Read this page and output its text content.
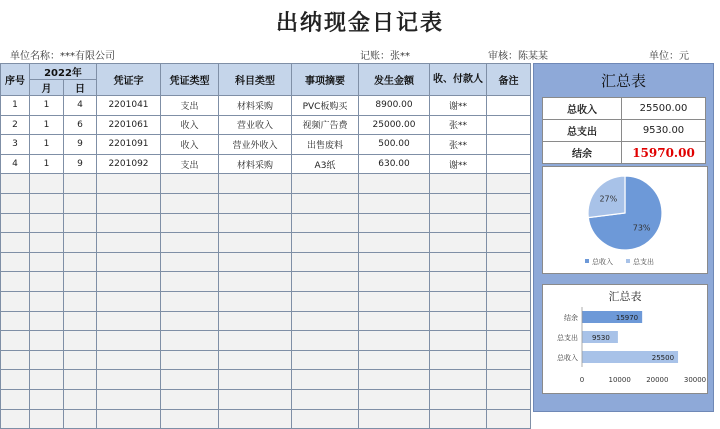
出纳现金日记表
单位名称：***有限公司	记账：张**	审核：陈某某	单位：元
序号	2022年		凭证字	凭证类型	科目类型	事项摘要	发生金额	收、付款人	备注
	月	日							
1	1	4	2201041	支出	材料采购	PVC板购买	8900.00	谢**	
2	1	6	2201061	收入	营业收入	视频广告费	25000.00	张**	
3	1	9	2201091	收入	营业外收入	出售废料	500.00	张**	
4	1	9	2201092	支出	材料采购	A3纸	630.00	谢**	

汇总表
总收入	25500.00
总支出	9530.00
结余	15970.00
73%
27%
总收入	总支出
汇总表
结余	15970
总支出 9530
总收入	25500
0	10000 20000 30000
